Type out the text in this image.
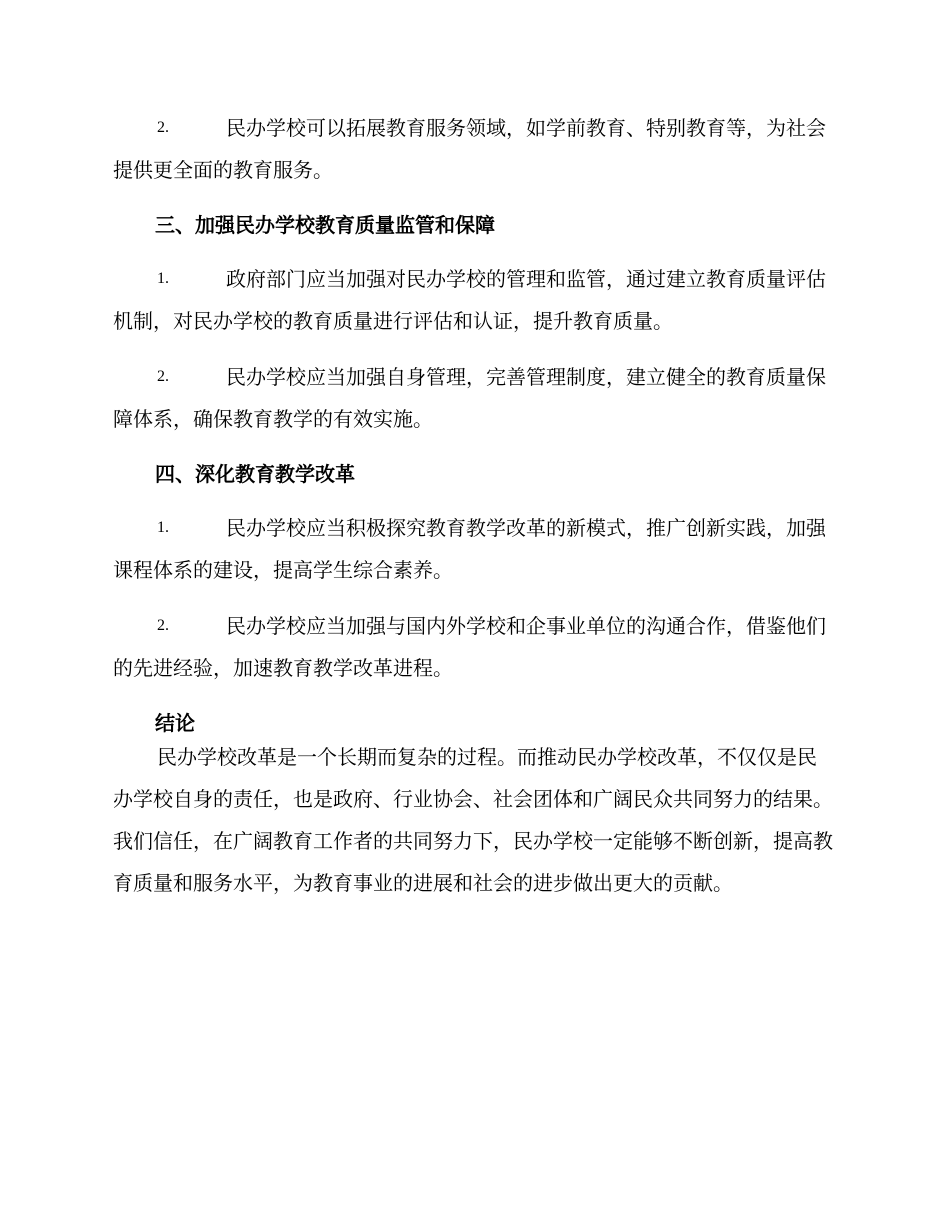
2.	民办学校可以拓展教育服务领域，如学前教育、特别教育等，为社会提供更全面的教育服务。
三、加强民办学校教育质量监管和保障
1.	政府部门应当加强对民办学校的管理和监管，通过建立教育质量评估机制，对民办学校的教育质量进行评估和认证，提升教育质量。
2.	民办学校应当加强自身管理，完善管理制度，建立健全的教育质量保障体系，确保教育教学的有效实施。
四、深化教育教学改革
1.	民办学校应当积极探究教育教学改革的新模式，推广创新实践，加强课程体系的建设，提高学生综合素养。
2.	民办学校应当加强与国内外学校和企事业单位的沟通合作，借鉴他们的先进经验，加速教育教学改革进程。
结论

民办学校改革是一个长期而复杂的过程。而推动民办学校改革，不仅仅是民办学校自身的责任，也是政府、行业协会、社会团体和广阔民众共同努力的结果。我们信任，在广阔教育工作者的共同努力下，民办学校一定能够不断创新，提高教育质量和服务水平，为教育事业的进展和社会的进步做出更大的贡献。
